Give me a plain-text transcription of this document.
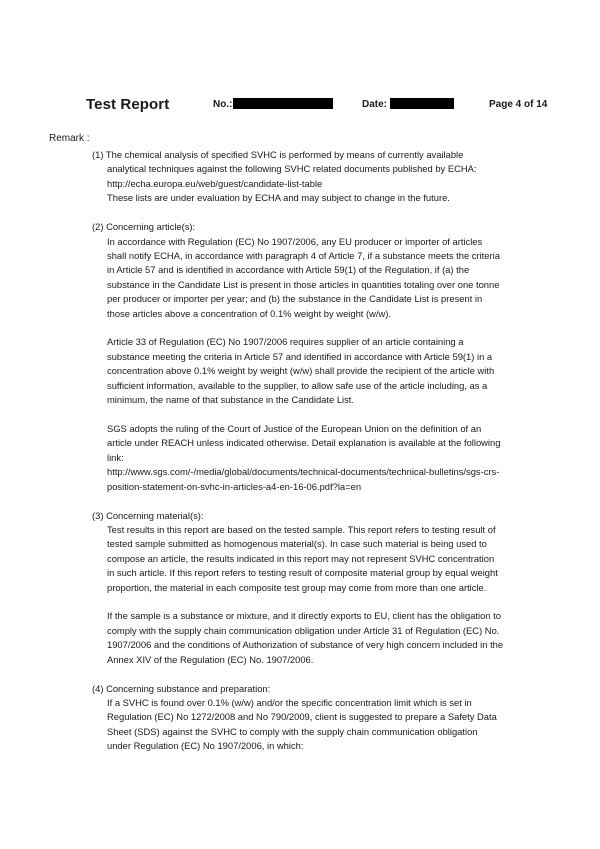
Test Report	No.:	Date:	Page 4 of 14
Remark :
(1) The chemical analysis of specified SVHC is performed by means of currently available
analytical techniques against the following SVHC related documents published by ECHA:
http://echa.europa.eu/web/guest/candidate-list-table
These lists are under evaluation by ECHA and may subject to change in the future.
(2) Concerning article(s):
In accordance with Regulation (EC) No 1907/2006, any EU producer or importer of articles
shall notify ECHA, in accordance with paragraph 4 of Article 7, if a substance meets the criteria
in Article 57 and is identified in accordance with Article 59(1) of the Regulation, if (a) the
substance in the Candidate List is present in those articles in quantities totaling over one tonne
per producer or importer per year; and (b) the substance in the Candidate List is present in
those articles above a concentration of 0.1% weight by weight (w/w).
Article 33 of Regulation (EC) No 1907/2006 requires supplier of an article containing a
substance meeting the criteria in Article 57 and identified in accordance with Article 59(1) in a
concentration above 0.1% weight by weight (w/w) shall provide the recipient of the article with
sufficient information, available to the supplier, to allow safe use of the article including, as a
minimum, the name of that substance in the Candidate List.
SGS adopts the ruling of the Court of Justice of the European Union on the definition of an
article under REACH unless indicated otherwise. Detail explanation is available at the following
link:
http://www.sgs.com/-/media/global/documents/technical-documents/technical-bulletins/sgs-crs-
position-statement-on-svhc-in-articles-a4-en-16-06.pdf?la=en
(3) Concerning material(s):
Test results in this report are based on the tested sample. This report refers to testing result of
tested sample submitted as homogenous material(s). In case such material is being used to
compose an article, the results indicated in this report may not represent SVHC concentration
in such article. If this report refers to testing result of composite material group by equal weight
proportion, the material in each composite test group may come from more than one article.
If the sample is a substance or mixture, and it directly exports to EU, client has the obligation to
comply with the supply chain communication obligation under Article 31 of Regulation (EC) No.
1907/2006 and the conditions of Authorization of substance of very high concern included in the
Annex XIV of the Regulation (EC) No. 1907/2006.
(4) Concerning substance and preparation:
If a SVHC is found over 0.1% (w/w) and/or the specific concentration limit which is set in
Regulation (EC) No 1272/2008 and No 790/2009, client is suggested to prepare a Safety Data
Sheet (SDS) against the SVHC to comply with the supply chain communication obligation
under Regulation (EC) No 1907/2006, in which:
